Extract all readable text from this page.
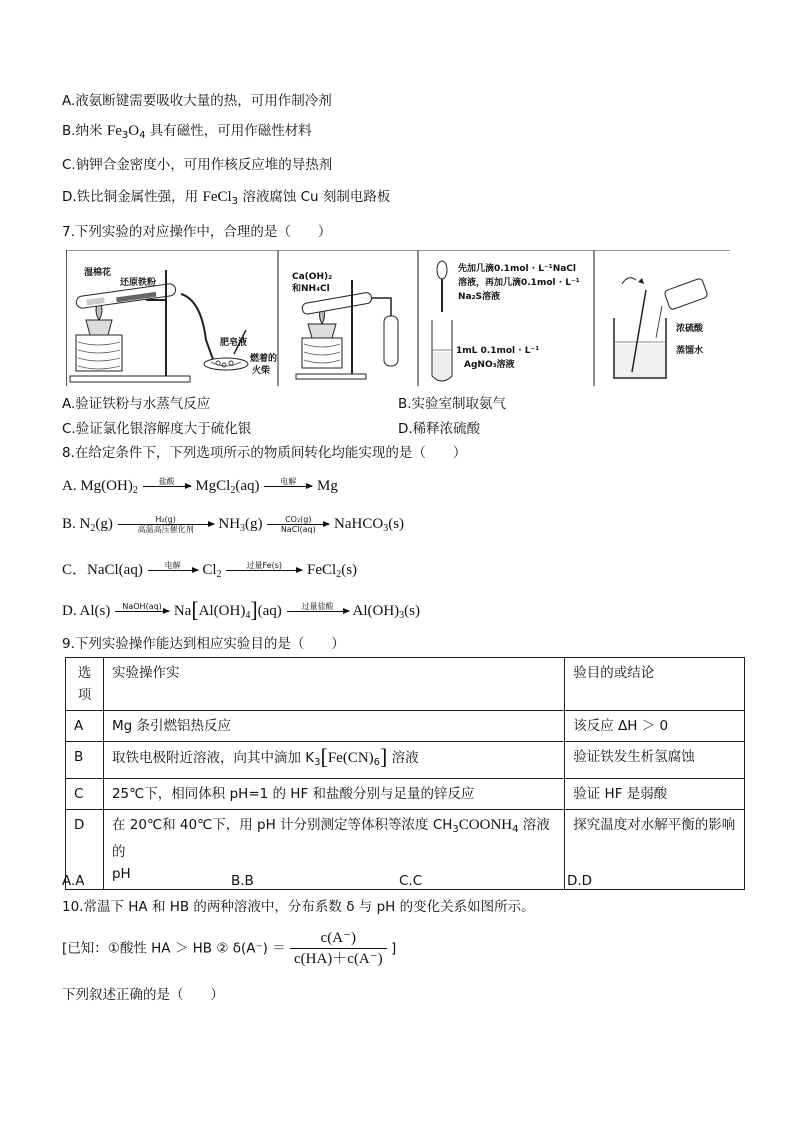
A.液氨断键需要吸收大量的热，可用作制冷剂
B.纳米 $Fe_3O_4$ 具有磁性，可用作磁性材料
C.钠钾合金密度小，可用作核反应堆的导热剂
D.铁比铜金属性强，用 FeCl$_3$ 溶液腐蚀 Cu 刻制电路板
7.下列实验的对应操作中，合理的是（　　）
湿棉花
还原铁粉
肥皂液
燃着的
火柴
Ca(OH)₂
和NH₄Cl
先加几滴0.1mol · L⁻¹NaCl
溶液，再加几滴0.1mol · L⁻¹
Na₂S溶液
1mL 0.1mol · L⁻¹
AgNO₃溶液
浓硫酸
蒸馏水
A.验证铁粉与水蒸气反应	B.实验室制取氨气
C.验证氯化银溶解度大于硫化银	D.稀释浓硫酸
8.在给定条件下，下列选项所示的物质间转化均能实现的是（　　）
A. $Mg(OH)_2$
盐酸
	MgCl$_2$(aq)	电解
	Mg
B. $N_2(g)$	H₂(g)
高温高压催化剂	$NH_3(g)$	CO₂(g)
NaCl(aq)	NaHCO$_3$(s)
C．NaCl(aq)	电解
	$Cl_2$
过量Fe(s)
	FeCl$_2$(s)
D. Al(s)	NaOH(aq)
$Na[Al(OH)_4](aq)$	过量盐酸
	$Al(OH)_3(s)$
9.下列实验操作能达到相应实验目的是（　　）
选
项	实验操作实	验目的或结论
A	Mg 条引燃铝热反应	该反应 ΔH ＞ 0
B	取铁电极附近溶液，向其中滴加 $K_3[Fe(CN)_6]$ 溶液	验证铁发生析氢腐蚀
C	25℃下，相同体积 pH=1 的 HF 和盐酸分别与足量的锌反应	验证 HF 是弱酸
D	在 20℃和 40℃下，用 pH 计分别测定等体积等浓度 $CH_3COONH_4$ 溶液的
pH	探究温度对水解平衡的影响
A.A	B.B	C.C	D.D
10.常温下 HA 和 HB 的两种溶液中，分布系数 δ 与 pH 的变化关系如图所示。
[已知：①酸性 HA ＞ HB ② $\delta(A^-) = \frac{c(A^-)}{c(HA)+c(A^-)}$ ]
下列叙述正确的是（　　）
